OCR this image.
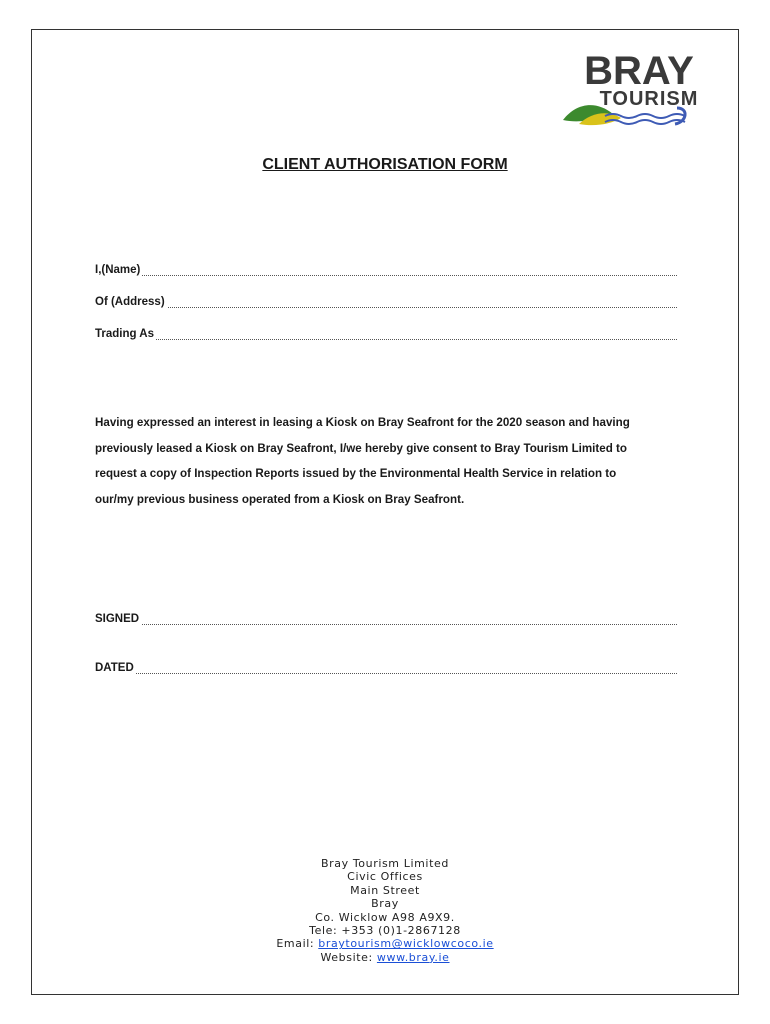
BRAY
TOURISM
CLIENT AUTHORISATION FORM
I,(Name)
Of (Address)
Trading As

Having expressed an interest in leasing a Kiosk on Bray Seafront for the 2020 season and having

previously leased a Kiosk on Bray Seafront, I/we hereby give consent to Bray Tourism Limited to

request a copy of Inspection Reports issued by the Environmental Health Service in relation to

our/my previous business operated from a Kiosk on Bray Seafront.

SIGNED
DATED
Bray Tourism Limited
Civic Offices
Main Street
Bray
Co. Wicklow A98 A9X9.
Tele: +353 (0)1-2867128
Email: braytourism@wicklowcoco.ie
Website: www.bray.ie
